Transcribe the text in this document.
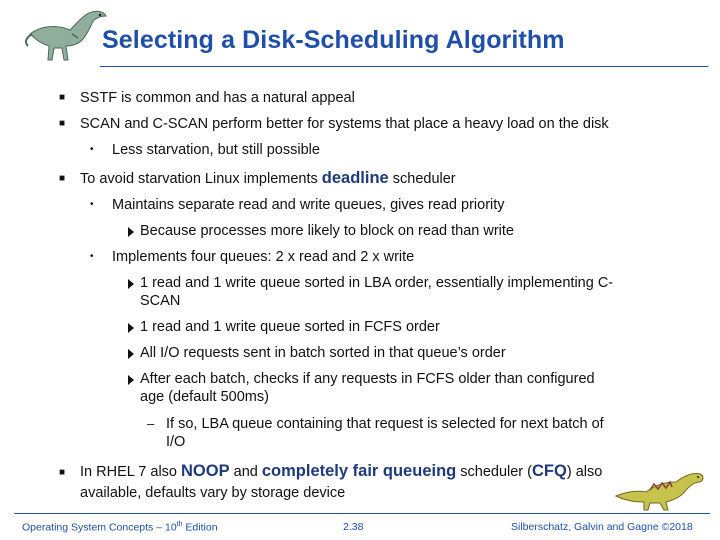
Selecting a Disk-Scheduling Algorithm
■ SSTF is common and has a natural appeal
■ SCAN and C-SCAN perform better for systems that place a heavy load on the disk
• Less starvation, but still possible
■ To avoid starvation Linux implements deadline scheduler
• Maintains separate read and write queues, gives read priority
Because processes more likely to block on read than write
• Implements four queues: 2 x read and 2 x write
1 read and 1 write queue sorted in LBA order, essentially implementing C-
SCAN
1 read and 1 write queue sorted in FCFS order
All I/O requests sent in batch sorted in that queue’s order
After each batch, checks if any requests in FCFS older than configured
age (default 500ms)
– If so, LBA queue containing that request is selected for next batch of
I/O
■ In RHEL 7 also NOOP and completely fair queueing scheduler (CFQ) also
available, defaults vary by storage device
Operating System Concepts – 10th Edition	2.38	Silberschatz, Galvin and Gagne ©2018
